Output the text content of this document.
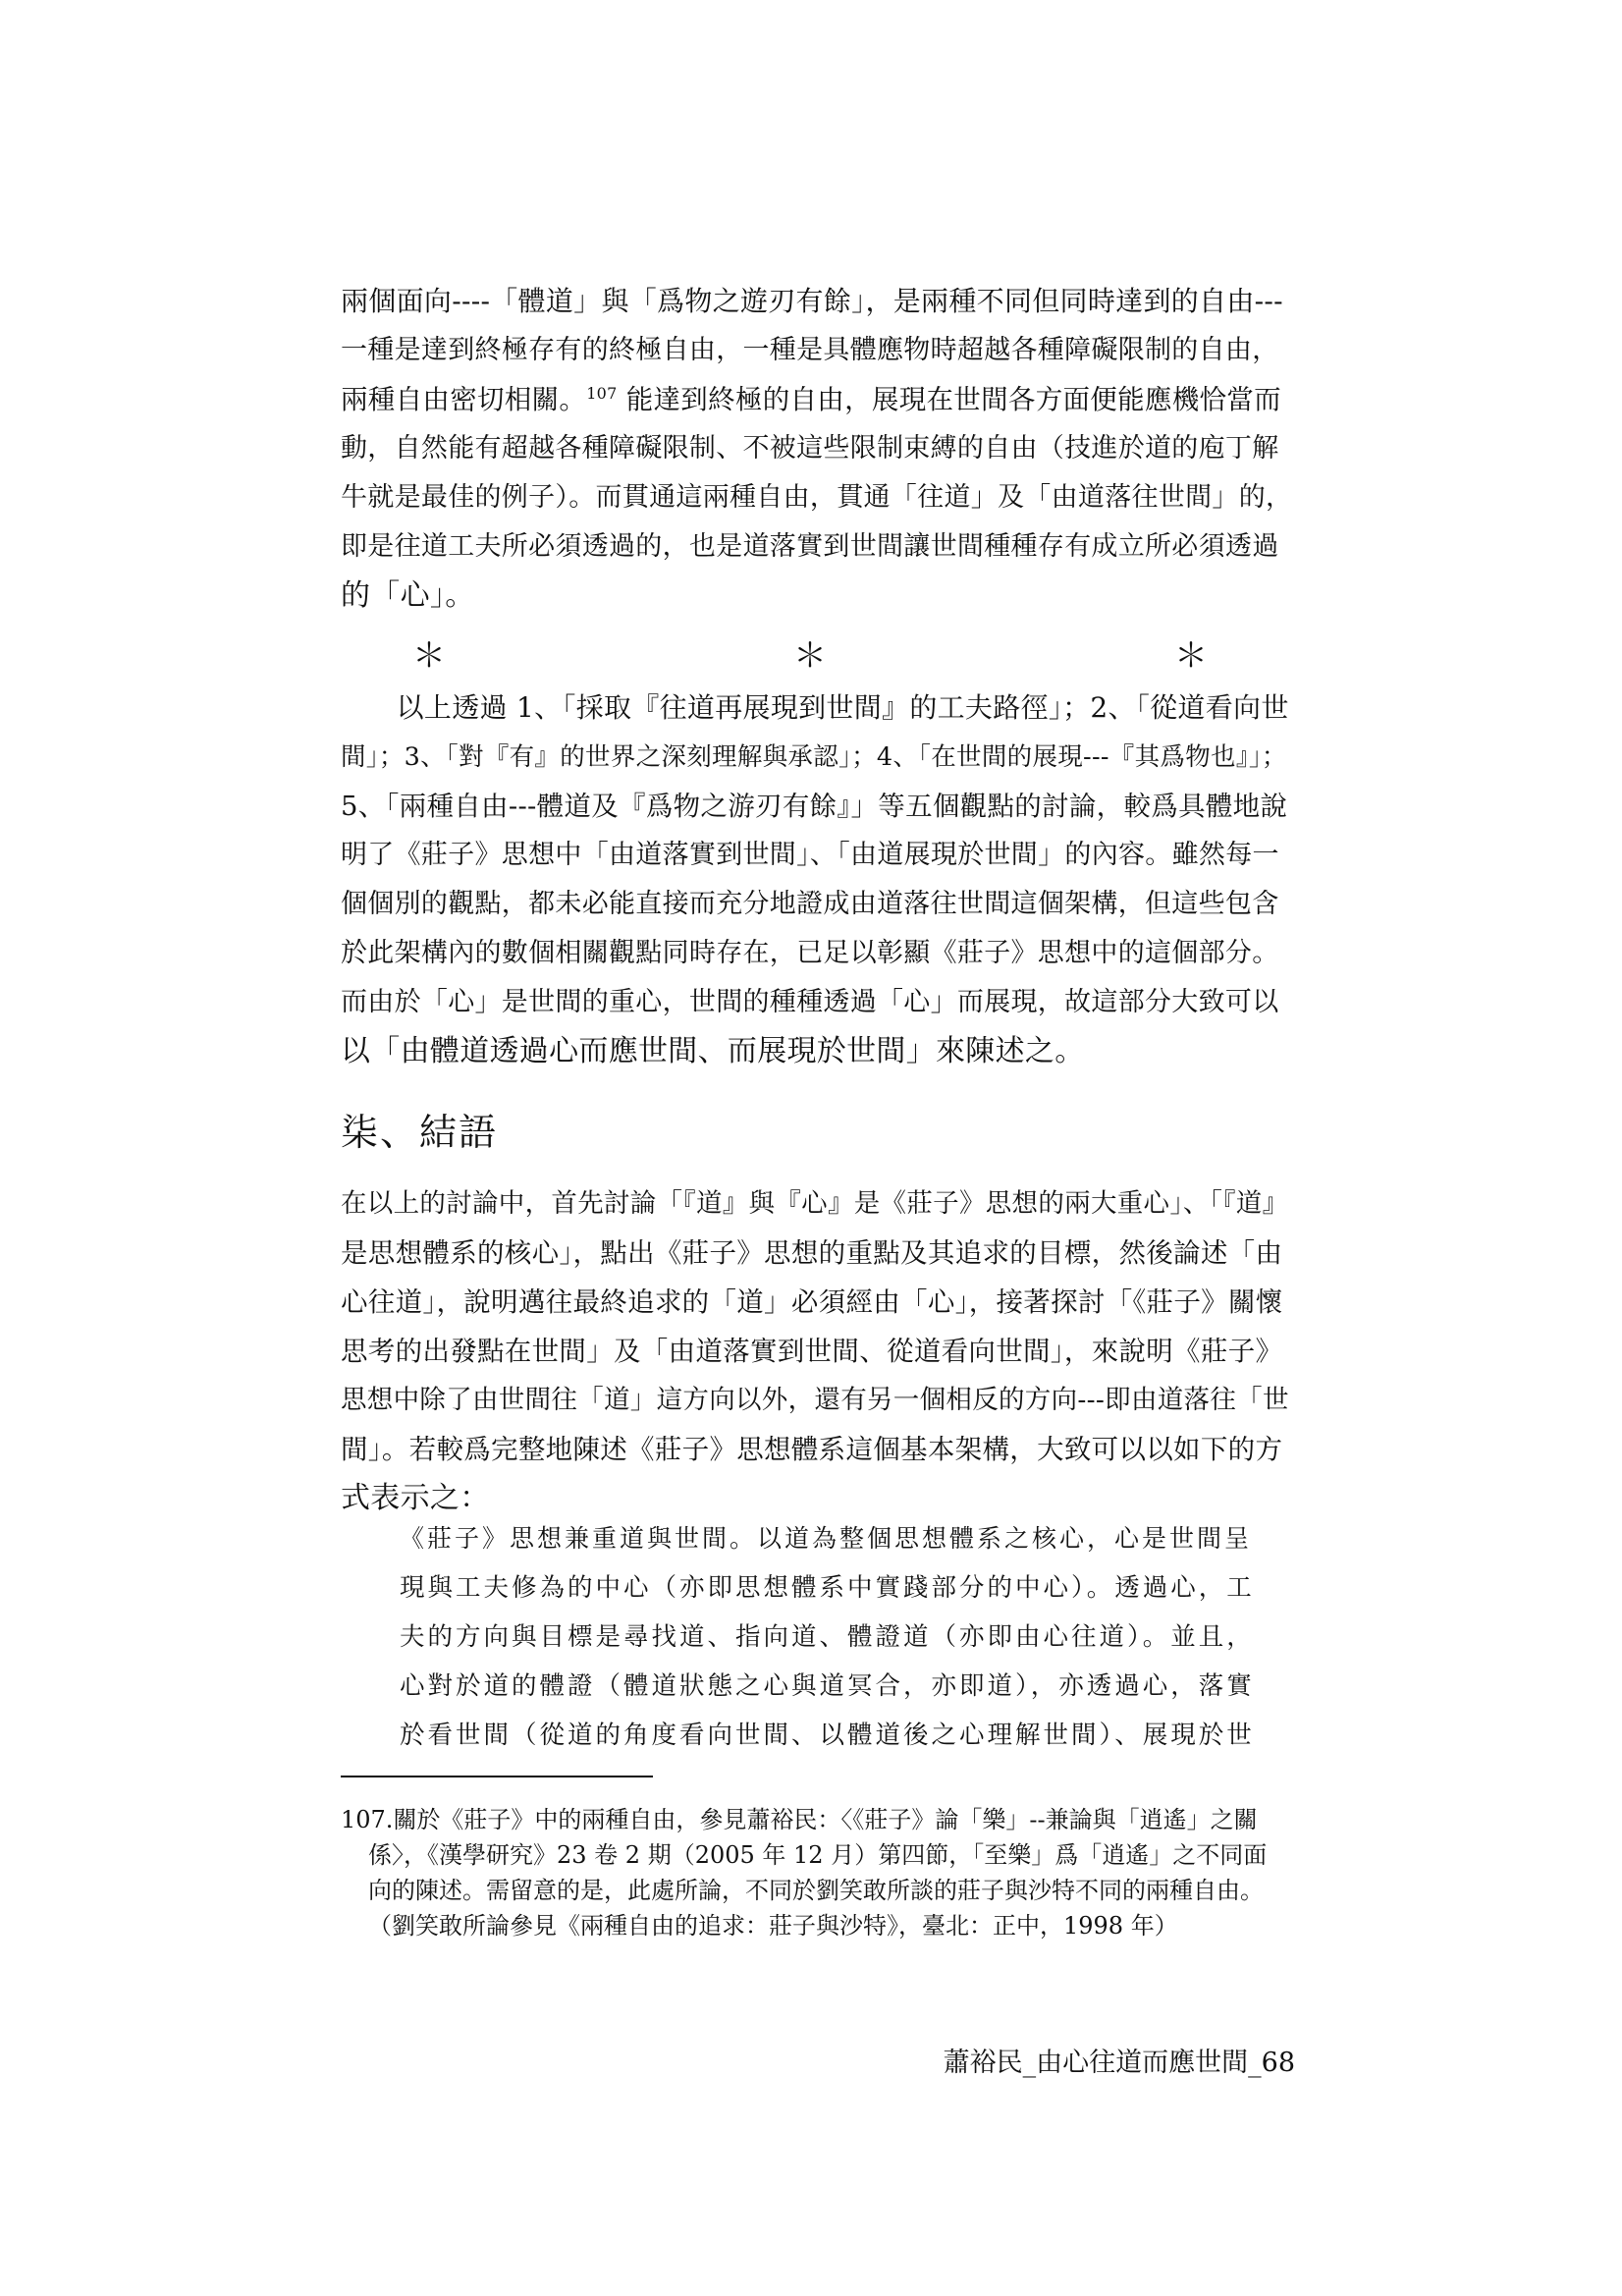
兩個面向----「體道」與「爲物之遊刃有餘」，是兩種不同但同時達到的自由---
一種是達到終極存有的終極自由，一種是具體應物時超越各種障礙限制的自由，
兩種自由密切相關。$^{107}$ 能達到終極的自由，展現在世間各方面便能應機恰當而
動，自然能有超越各種障礙限制、不被這些限制束縛的自由（技進於道的庖丁解
牛就是最佳的例子）。而貫通這兩種自由，貫通「往道」及「由道落往世間」的，
即是往道工夫所必須透過的，也是道落實到世間讓世間種種存有成立所必須透過
的「心」。
＊	＊	＊
　　以上透過 1、「採取『往道再展現到世間』的工夫路徑」；2、「從道看向世
間」；3、「對『有』的世界之深刻理解與承認」；4、「在世間的展現---『其爲物也』」；
5、「兩種自由---體道及『爲物之游刃有餘』」等五個觀點的討論，較爲具體地說
明了《莊子》思想中「由道落實到世間」、「由道展現於世間」的內容。雖然每一
個個別的觀點，都未必能直接而充分地證成由道落往世間這個架構，但這些包含
於此架構內的數個相關觀點同時存在，已足以彰顯《莊子》思想中的這個部分。
而由於「心」是世間的重心，世間的種種透過「心」而展現，故這部分大致可以
以「由體道透過心而應世間、而展現於世間」來陳述之。
柒、結語
在以上的討論中，首先討論「『道』與『心』是《莊子》思想的兩大重心」、「『道』
是思想體系的核心」，點出《莊子》思想的重點及其追求的目標，然後論述「由
心往道」，說明邁往最終追求的「道」必須經由「心」，接著探討「《莊子》關懷
思考的出發點在世間」及「由道落實到世間、從道看向世間」，來說明《莊子》
思想中除了由世間往「道」這方向以外，還有另一個相反的方向---即由道落往「世
間」。若較爲完整地陳述《莊子》思想體系這個基本架構，大致可以以如下的方
式表示之：
《莊子》思想兼重道與世間。以道為整個思想體系之核心，心是世間呈
現與工夫修為的中心（亦即思想體系中實踐部分的中心）。透過心，工
夫的方向與目標是尋找道、指向道、體證道（亦即由心往道）。並且，
心對於道的體證（體道狀態之心與道冥合，亦即道），亦透過心，落實
於看世間（從道的角度看向世間、以體道後之心理解世間）、展現於世
107.關於《莊子》中的兩種自由，參見蕭裕民：〈《莊子》論「樂」--兼論與「逍遙」之關
係〉，《漢學研究》23 卷 2 期（2005 年 12 月）第四節，「至樂」爲「逍遙」之不同面
向的陳述。需留意的是，此處所論，不同於劉笑敢所談的莊子與沙特不同的兩種自由。
（劉笑敢所論參見《兩種自由的追求：莊子與沙特》，臺北：正中，1998 年）
蕭裕民_由心往道而應世間_68
